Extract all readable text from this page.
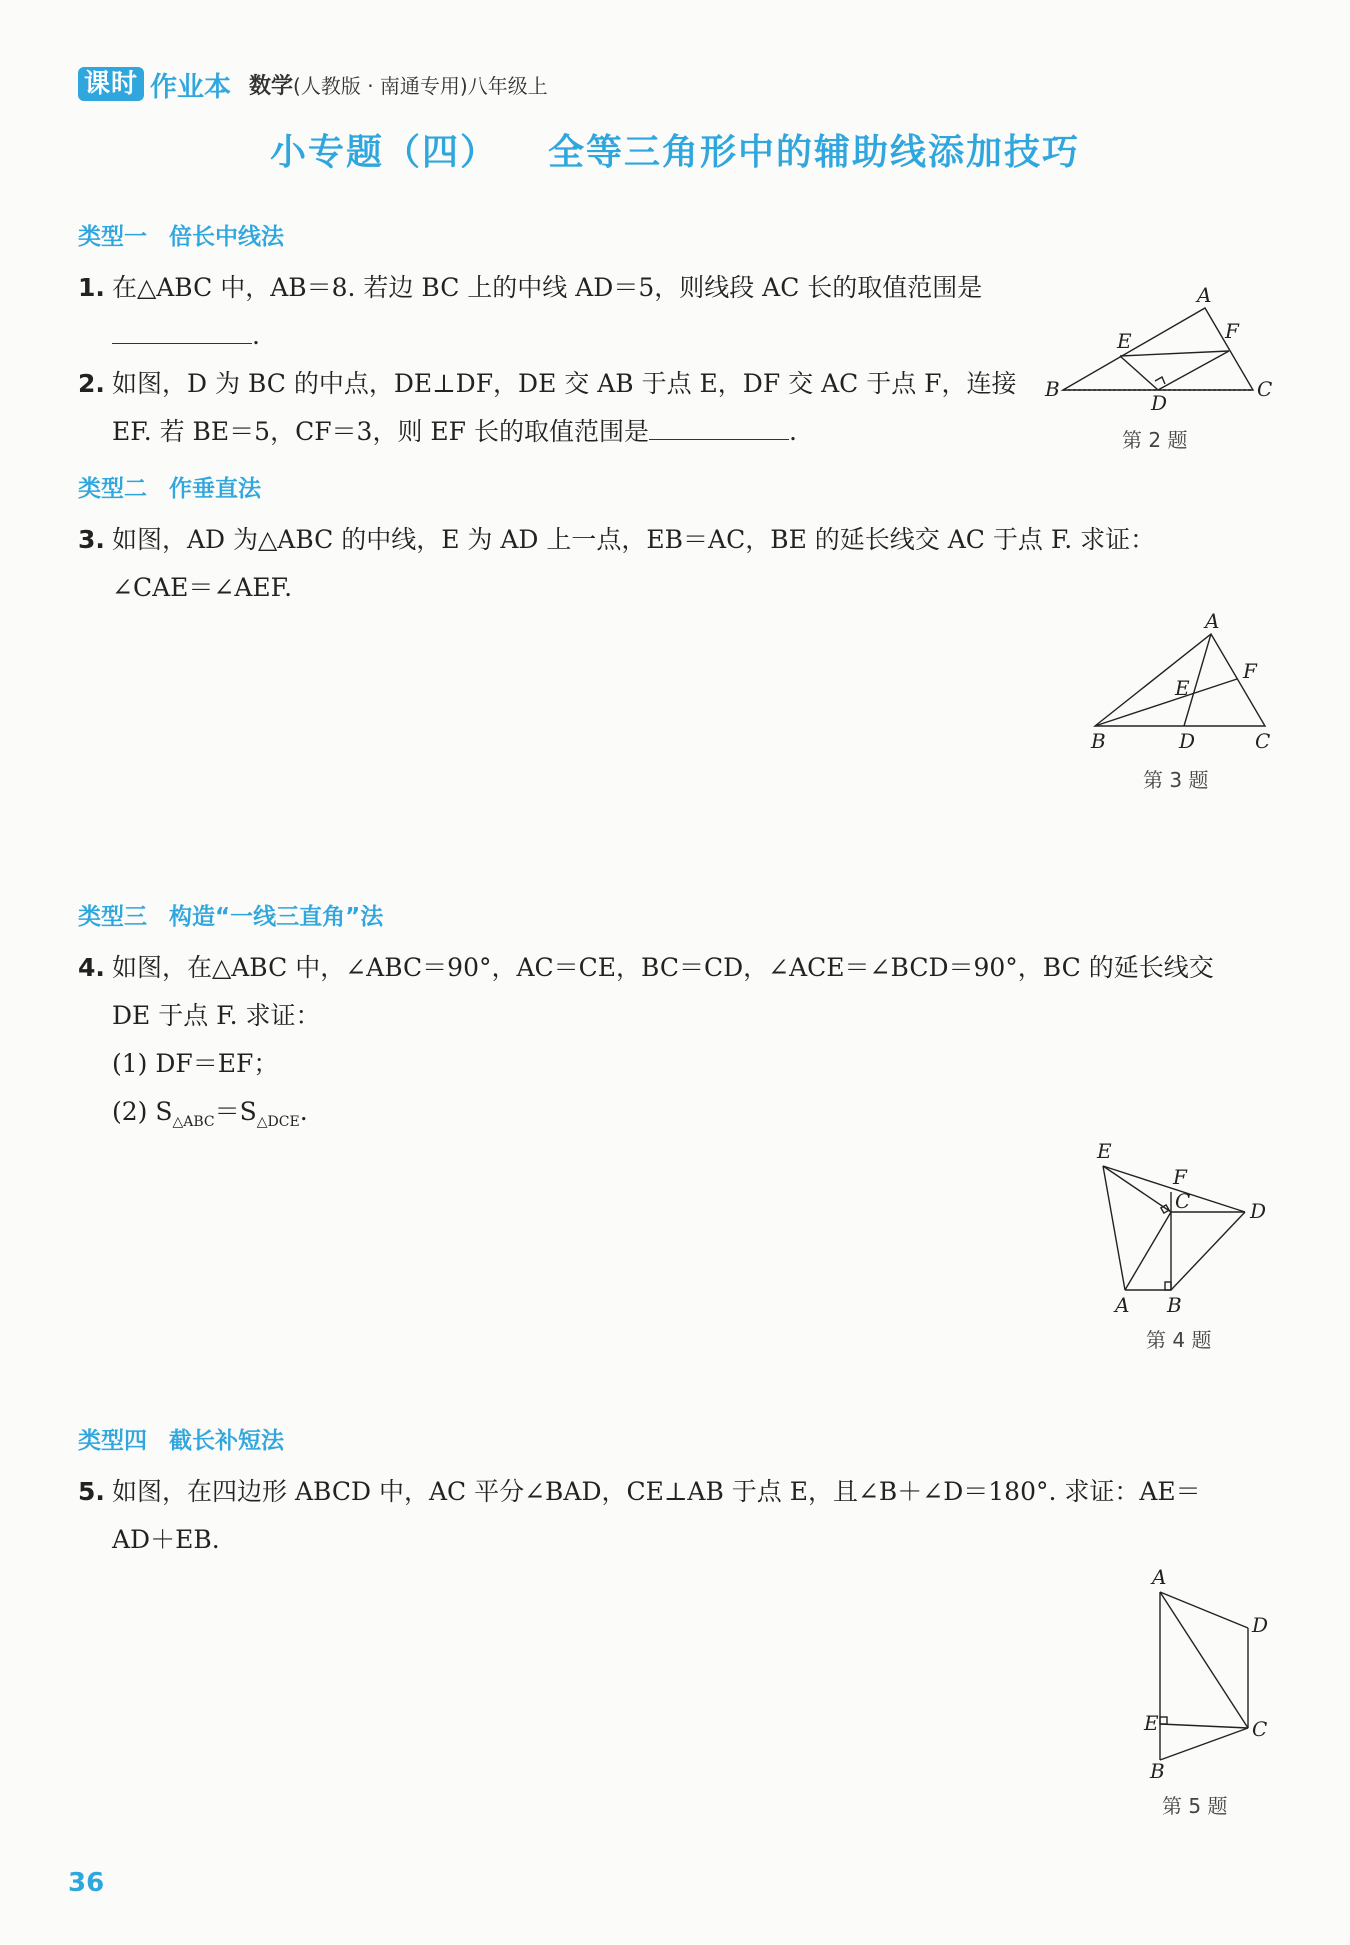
课时 作业本 数学(人教版 · 南通专用)八年级上
小专题（四） 全等三角形中的辅助线添加技巧
类型一 倍长中线法
1. 在△ABC 中，AB＝8. 若边 BC 上的中线 AD＝5，则线段 AC 长的取值范围是
.
2. 如图，D 为 BC 的中点，DE⊥DF，DE 交 AB 于点 E，DF 交 AC 于点 F，连接
EF. 若 BE＝5，CF＝3，则 EF 长的取值范围是	.
A
B	C
D
E	F
第 2 题
类型二 作垂直法
3. 如图，AD 为△ABC 的中线，E 为 AD 上一点，EB＝AC，BE 的延长线交 AC 于点 F. 求证：
∠CAE＝∠AEF.
A
B	C
D
E
F
第 3 题
类型三 构造“一线三直角”法
4. 如图，在△ABC 中，∠ABC＝90°，AC＝CE，BC＝CD，∠ACE＝∠BCD＝90°，BC 的延长线交
DE 于点 F. 求证：
(1) DF＝EF；
(2) $S_{\triangle ABC}=S_{\triangle DCE}$.
E
F
C	D
A B
第 4 题
类型四 截长补短法
5. 如图，在四边形 ABCD 中，AC 平分∠BAD，CE⊥AB 于点 E，且∠B＋∠D＝180°. 求证：AE＝
AD＋EB.
A
D
C
E
B
第 5 题
36
